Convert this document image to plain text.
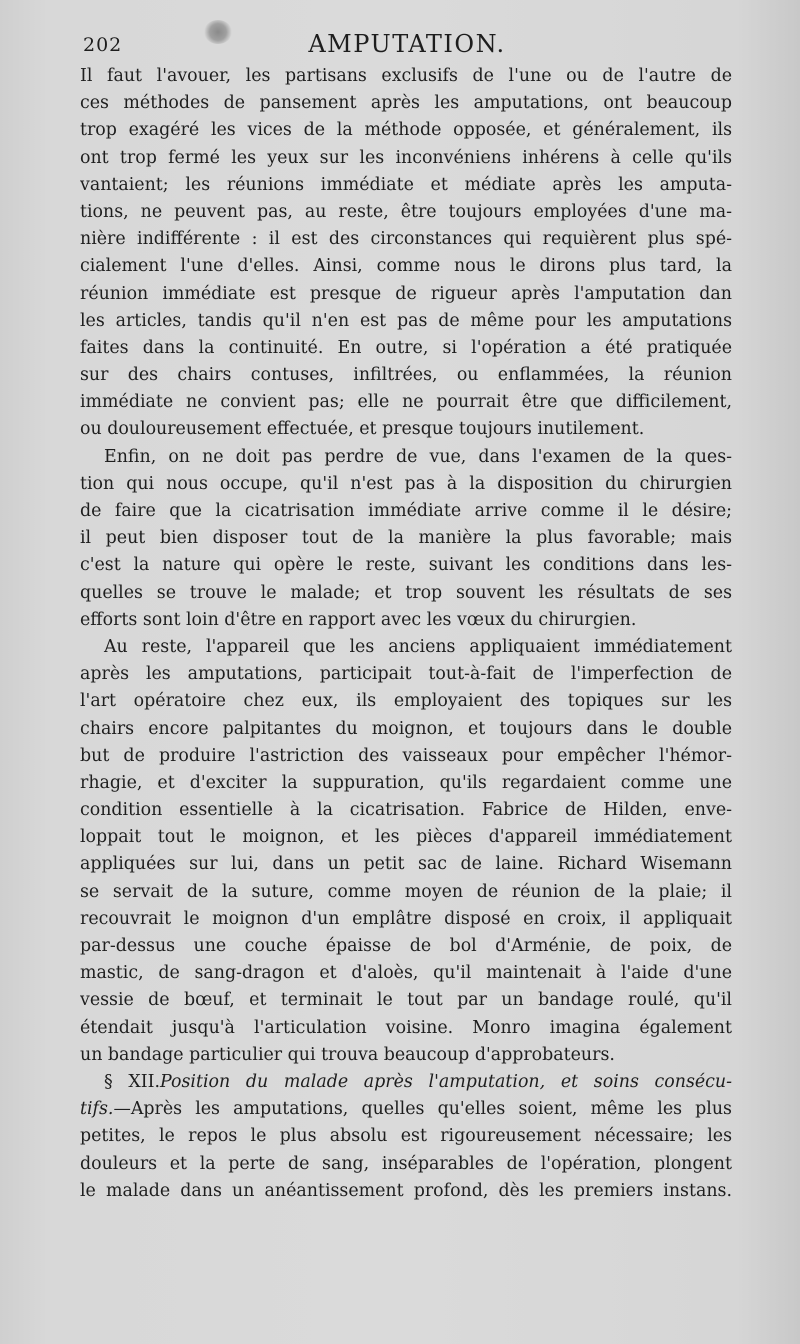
202	AMPUTATION.
Il faut l'avouer, les partisans exclusifs de l'une ou de l'autre de
ces méthodes de pansement après les amputations, ont beaucoup
trop exagéré les vices de la méthode opposée, et généralement, ils
ont trop fermé les yeux sur les inconvéniens inhérens à celle qu'ils
vantaient; les réunions immédiate et médiate après les amputa-
tions, ne peuvent pas, au reste, être toujours employées d'une ma-
nière indifférente : il est des circonstances qui requièrent plus spé-
cialement l'une d'elles. Ainsi, comme nous le dirons plus tard, la
réunion immédiate est presque de rigueur après l'amputation dan
les articles, tandis qu'il n'en est pas de même pour les amputations
faites dans la continuité. En outre, si l'opération a été pratiquée
sur des chairs contuses, infiltrées, ou enflammées, la réunion
immédiate ne convient pas; elle ne pourrait être que difficilement,
ou douloureusement effectuée, et presque toujours inutilement.
Enfin, on ne doit pas perdre de vue, dans l'examen de la ques-
tion qui nous occupe, qu'il n'est pas à la disposition du chirurgien
de faire que la cicatrisation immédiate arrive comme il le désire;
il peut bien disposer tout de la manière la plus favorable; mais
c'est la nature qui opère le reste, suivant les conditions dans les-
quelles se trouve le malade; et trop souvent les résultats de ses
efforts sont loin d'être en rapport avec les vœux du chirurgien.
Au reste, l'appareil que les anciens appliquaient immédiatement
après les amputations, participait tout-à-fait de l'imperfection de
l'art opératoire chez eux, ils employaient des topiques sur les
chairs encore palpitantes du moignon, et toujours dans le double
but de produire l'astriction des vaisseaux pour empêcher l'hémor-
rhagie, et d'exciter la suppuration, qu'ils regardaient comme une
condition essentielle à la cicatrisation. Fabrice de Hilden, enve-
loppait tout le moignon, et les pièces d'appareil immédiatement
appliquées sur lui, dans un petit sac de laine. Richard Wisemann
se servait de la suture, comme moyen de réunion de la plaie; il
recouvrait le moignon d'un emplâtre disposé en croix, il appliquait
par-dessus une couche épaisse de bol d'Arménie, de poix, de
mastic, de sang-dragon et d'aloès, qu'il maintenait à l'aide d'une
vessie de bœuf, et terminait le tout par un bandage roulé, qu'il
étendait jusqu'à l'articulation voisine. Monro imagina également
un bandage particulier qui trouva beaucoup d'approbateurs.
§ XII.Position du malade après l'amputation, et soins consécu-
tifs.—Après les amputations, quelles qu'elles soient, même les plus
petites, le repos le plus absolu est rigoureusement nécessaire; les
douleurs et la perte de sang, inséparables de l'opération, plongent
le malade dans un anéantissement profond, dès les premiers instans.
